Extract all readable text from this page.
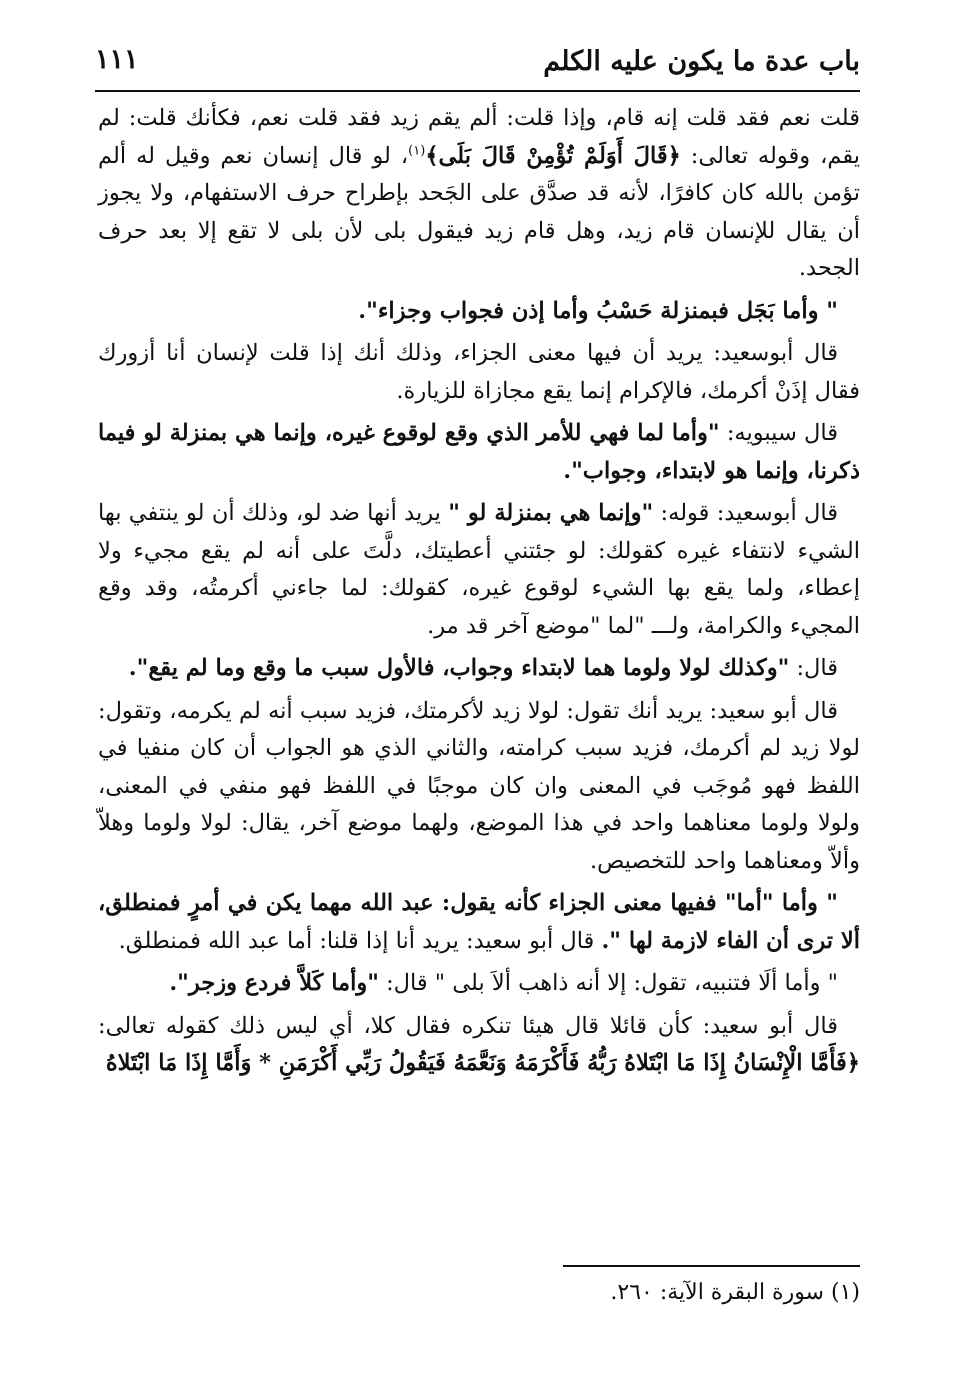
باب عدة ما يكون عليه الكلم
١١١

قلت نعم فقد قلت إنه قام، وإذا قلت: ألم يقم زيد فقد قلت نعم، فكأنك قلت: لم يقم، وقوله تعالى: ﴿قَالَ أَوَلَمْ تُؤْمِنْ قَالَ بَلَى﴾$^{(١)}$، لو قال إنسان نعم وقيل له ألم تؤمن بالله كان كافرًا، لأنه قد صدَّق على الجَحد بإطراح حرف الاستفهام، ولا يجوز أن يقال للإنسان قام زيد، وهل قام زيد فيقول بلى لأن بلى لا تقع إلا بعد حرف الجحد.

" وأما بَجَل فبمنزلة حَسْبُ وأما إذن فجواب وجزاء".

قال أبوسعيد: يريد أن فيها معنى الجزاء، وذلك أنك إذا قلت لإنسان أنا أزورك فقال إذَنْ أكرمك، فالإكرام إنما يقع مجازاة للزيارة.

قال سيبويه: "وأما لما فهي للأمر الذي وقع لوقوع غيره، وإنما هي بمنزلة لو فيما ذكرنا، وإنما هو لابتداء، وجواب".

قال أبوسعيد: قوله: "وإنما هي بمنزلة لو " يريد أنها ضد لو، وذلك أن لو ينتفي بها الشيء لانتفاء غيره كقولك: لو جئتني أعطيتك، دلَّتَ على أنه لم يقع مجيء ولا إعطاء، ولما يقع بها الشيء لوقوع غيره، كقولك: لما جاءني أكرمتُه، وقد وقع المجيء والكرامة، ولـــ "لما "موضع آخر قد مر.

قال: "وكذلك لولا ولوما هما لابتداء وجواب، فالأول سبب ما وقع وما لم يقع".

قال أبو سعيد: يريد أنك تقول: لولا زيد لأكرمتك، فزيد سبب أنه لم يكرمه، وتقول: لولا زيد لم أكرمك، فزيد سبب كرامته، والثاني الذي هو الجواب أن كان منفيا في اللفظ فهو مُوجَب في المعنى وان كان موجبًا في اللفظ فهو منفي في المعنى، ولولا ولوما معناهما واحد في هذا الموضع، ولهما موضع آخر، يقال: لولا ولوما وهلاّ وألاّ ومعناهما واحد للتخصيص.

" وأما "أما" ففيها معنى الجزاء كأنه يقول: عبد الله مهما يكن في أمرٍ فمنطلق، ألا ترى أن الفاء لازمة لها ". قال أبو سعيد: يريد أنا إذا قلنا: أما عبد الله فمنطلق.

" وأما ألَا فتنبيه، تقول: إلا أنه ذاهب ألاَ بلى " قال: "وأما كَلاَّ فردع وزجر".

قال أبو سعيد: كأن قائلا قال هيئا تنكره فقال كلا، أي ليس ذلك كقوله تعالى: ﴿فَأَمَّا الْإِنْسَانُ إِذَا مَا ابْتَلاهُ رَبُّهُ فَأَكْرَمَهُ وَنَعَّمَهُ فَيَقُولُ رَبِّي أَكْرَمَنِ * وَأَمَّا إِذَا مَا ابْتَلاهُ

(١) سورة البقرة الآية: ٢٦٠.
